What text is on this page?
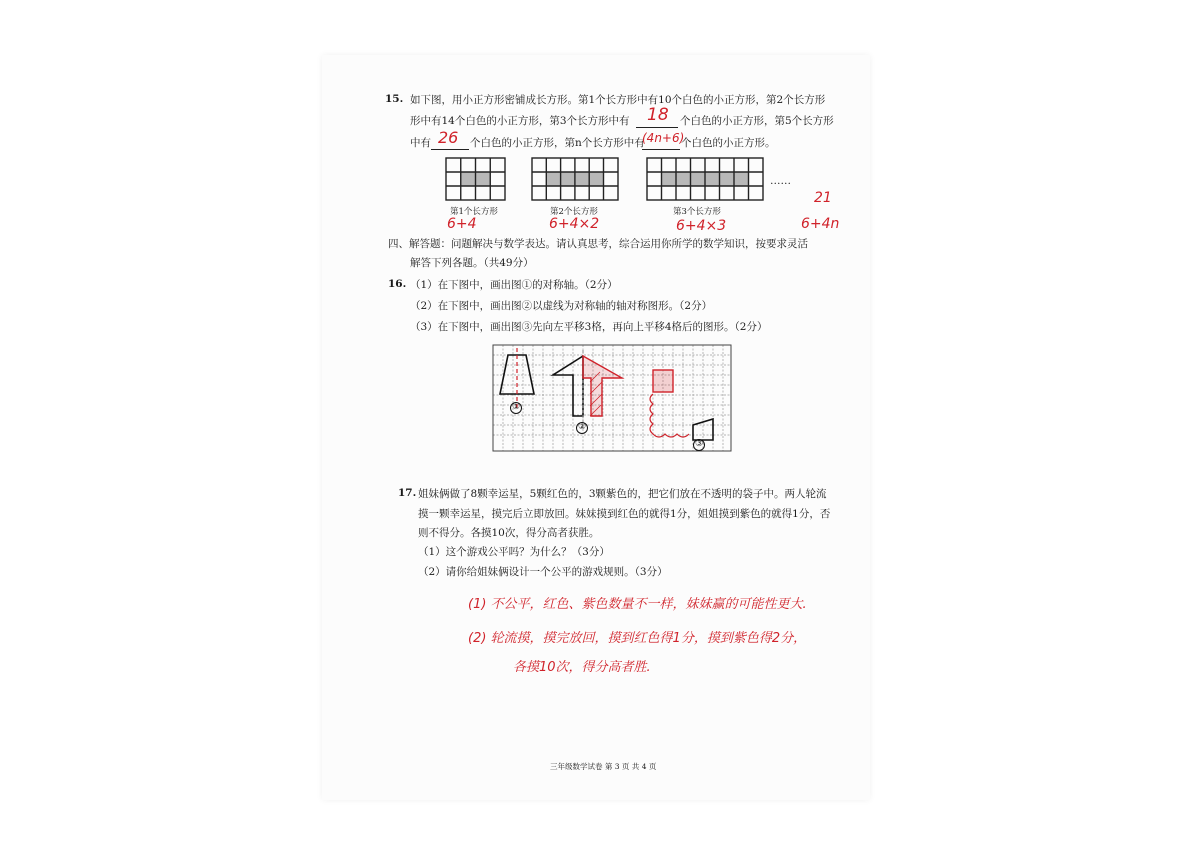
15. 如下图，用小正方形密铺成长方形。第1个长方形中有10个白色的小正方形，第2个长方形
形中有14个白色的小正方形，第3个长方形中有 18 个白色的小正方形，第5个长方形
中有 26 个白色的小正方形，第n个长方形中有
(4n+6)
个白色的小正方形。
……
第1个长方形	第2个长方形	第3个长方形
6+4	6+4×2	6+4×3	6+4n
21
四、解答题：问题解决与数学表达。请认真思考，综合运用你所学的数学知识，按要求灵活
解答下列各题。（共49分）
16. （1）在下图中，画出图①的对称轴。（2分）
（2）在下图中，画出图②以虚线为对称轴的轴对称图形。（2分）
（3）在下图中，画出图③先向左平移3格，再向上平移4格后的图形。（2分）
①
②
③
17. 姐妹俩做了8颗幸运星，5颗红色的，3颗紫色的，把它们放在不透明的袋子中。两人轮流
摸一颗幸运星，摸完后立即放回。妹妹摸到红色的就得1分，姐姐摸到紫色的就得1分，否
则不得分。各摸10次，得分高者获胜。
（1）这个游戏公平吗？为什么？（3分）
（2）请你给姐妹俩设计一个公平的游戏规则。（3分）
(1) 不公平，红色、紫色数量不一样，妹妹赢的可能性更大.
(2) 轮流摸，摸完放回，摸到红色得1分，摸到紫色得2分，
各摸10次，得分高者胜.
三年级数学试卷 第 3 页 共 4 页
